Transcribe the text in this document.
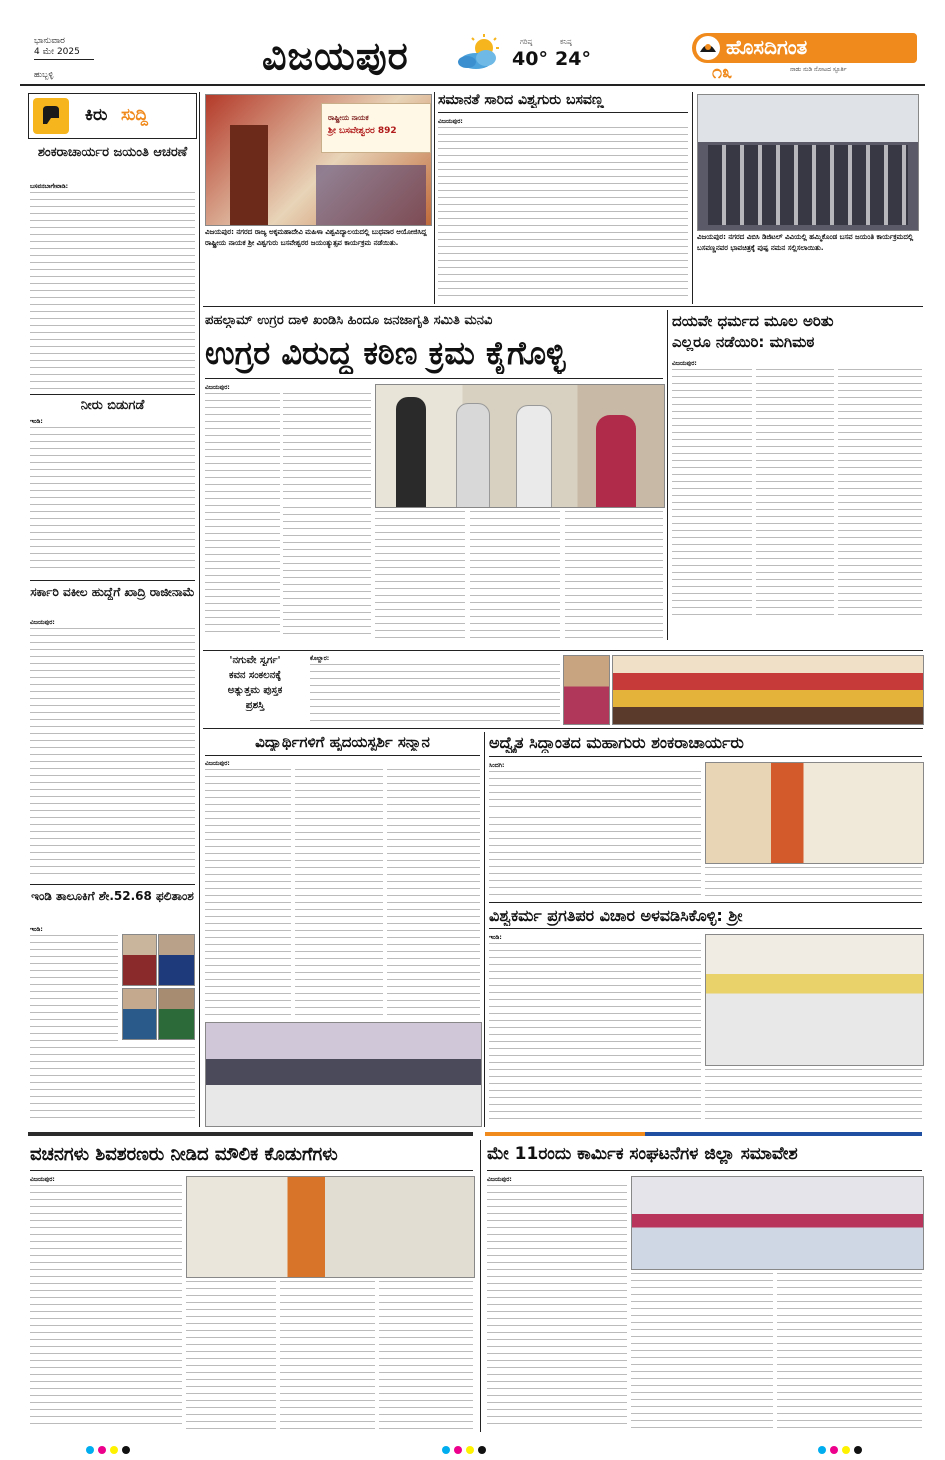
ಭಾನುವಾರ
4 ಮೇ 2025
ಹುಬ್ಬಳ್ಳಿ	ವಿಜಯಪುರ	ಗರಿಷ್ಠ
40°
ಕನಿಷ್ಠ
24°	ಹೊಸದಿಗಂತ
೧೩	ನಾಡು ನುಡಿ ನೋಟದ ಸ್ಫೂರ್ತಿ
ಕಿರು ಸುದ್ದಿ
ಶಂಕರಾಚಾರ್ಯರ ಜಯಂತಿ ಆಚರಣೆ
ಬಸವನಬಾಗೇವಾಡಿ:
ನೀರು ಬಿಡುಗಡೆ
ಇಂಡಿ:
ಸರ್ಕಾರಿ ವಕೀಲ ಹುದ್ದೆಗೆ ಖಾದ್ರಿ ರಾಜೀನಾಮೆ
ವಿಜಯಪುರ:
ಇಂಡಿ ತಾಲೂಕಿಗೆ ಶೇ.52.68 ಫಲಿತಾಂಶ
ಇಂಡಿ:
ರಾಷ್ಟ್ರೀಯ ನಾಯಕ
ಶ್ರೀ ಬಸವೇಶ್ವರರ 892
ವಿಜಯಪುರ: ನಗರದ ರಾಜ್ಯ ಅಕ್ಕಮಹಾದೇವಿ ಮಹಿಳಾ ವಿಶ್ವವಿದ್ಯಾಲಯದಲ್ಲಿ ಬುಧವಾರ ಆಯೋಜಿಸಿದ್ದ ರಾಷ್ಟ್ರೀಯ ನಾಯಕ ಶ್ರೀ ವಿಶ್ವಗುರು ಬಸವೇಶ್ವರರ ಜಯಂತ್ಯುತ್ಸವ ಕಾರ್ಯಕ್ರಮ ನಡೆಯಿತು.
ಸಮಾನತೆ ಸಾರಿದ ವಿಶ್ವಗುರು ಬಸವಣ್ಣ
ವಿಜಯಪುರ:
ವಿಜಯಪುರ: ನಗರದ ವಿಬಿಸಿ ಡಿಜಿಟಲ್ ವಿವಿಯಲ್ಲಿ ಹಮ್ಮಿಕೊಂಡ ಬಸವ ಜಯಂತಿ ಕಾರ್ಯಕ್ರಮದಲ್ಲಿ ಬಸವಣ್ಣನವರ ಭಾವಚಿತ್ರಕ್ಕೆ ಪುಷ್ಪ ನಮನ ಸಲ್ಲಿಸಲಾಯಿತು.
ಪಹಲ್ಗಾಮ್ ಉಗ್ರರ ದಾಳಿ ಖಂಡಿಸಿ ಹಿಂದೂ ಜನಜಾಗೃತಿ ಸಮಿತಿ ಮನವಿ
ಉಗ್ರರ ವಿರುದ್ಧ ಕಠಿಣ ಕ್ರಮ ಕೈಗೊಳ್ಳಿ
ವಿಜಯಪುರ:
ದಯವೇ ಧರ್ಮದ ಮೂಲ ಅರಿತು
ಎಲ್ಲರೂ ನಡೆಯಿರಿ: ಮಗಿಮಠ
ವಿಜಯಪುರ:
'ನಗುವೇ ಸ್ವರ್ಗ'
ಕವನ ಸಂಕಲನಕ್ಕೆ
ಅತ್ಯುತ್ತಮ ಪುಸ್ತಕ
ಪ್ರಶಸ್ತಿ
ಕೊಲ್ಹಾರ:
ವಿದ್ಯಾರ್ಥಿಗಳಿಗೆ ಹೃದಯಸ್ಪರ್ಶಿ ಸನ್ಮಾನ
ವಿಜಯಪುರ:
ಅದ್ವೈತ ಸಿದ್ಧಾಂತದ ಮಹಾಗುರು ಶಂಕರಾಚಾರ್ಯರು
ಸಿಂದಗಿ:
ವಿಶ್ವಕರ್ಮ ಪ್ರಗತಿಪರ ವಿಚಾರ ಅಳವಡಿಸಿಕೊಳ್ಳಿ: ಶ್ರೀ
ಇಂಡಿ:
ವಚನಗಳು ಶಿವಶರಣರು ನೀಡಿದ ಮೌಲಿಕ ಕೊಡುಗೆಗಳು
ವಿಜಯಪುರ:
ಮೇ 11ರಂದು ಕಾರ್ಮಿಕ ಸಂಘಟನೆಗಳ ಜಿಲ್ಲಾ ಸಮಾವೇಶ
ವಿಜಯಪುರ:
